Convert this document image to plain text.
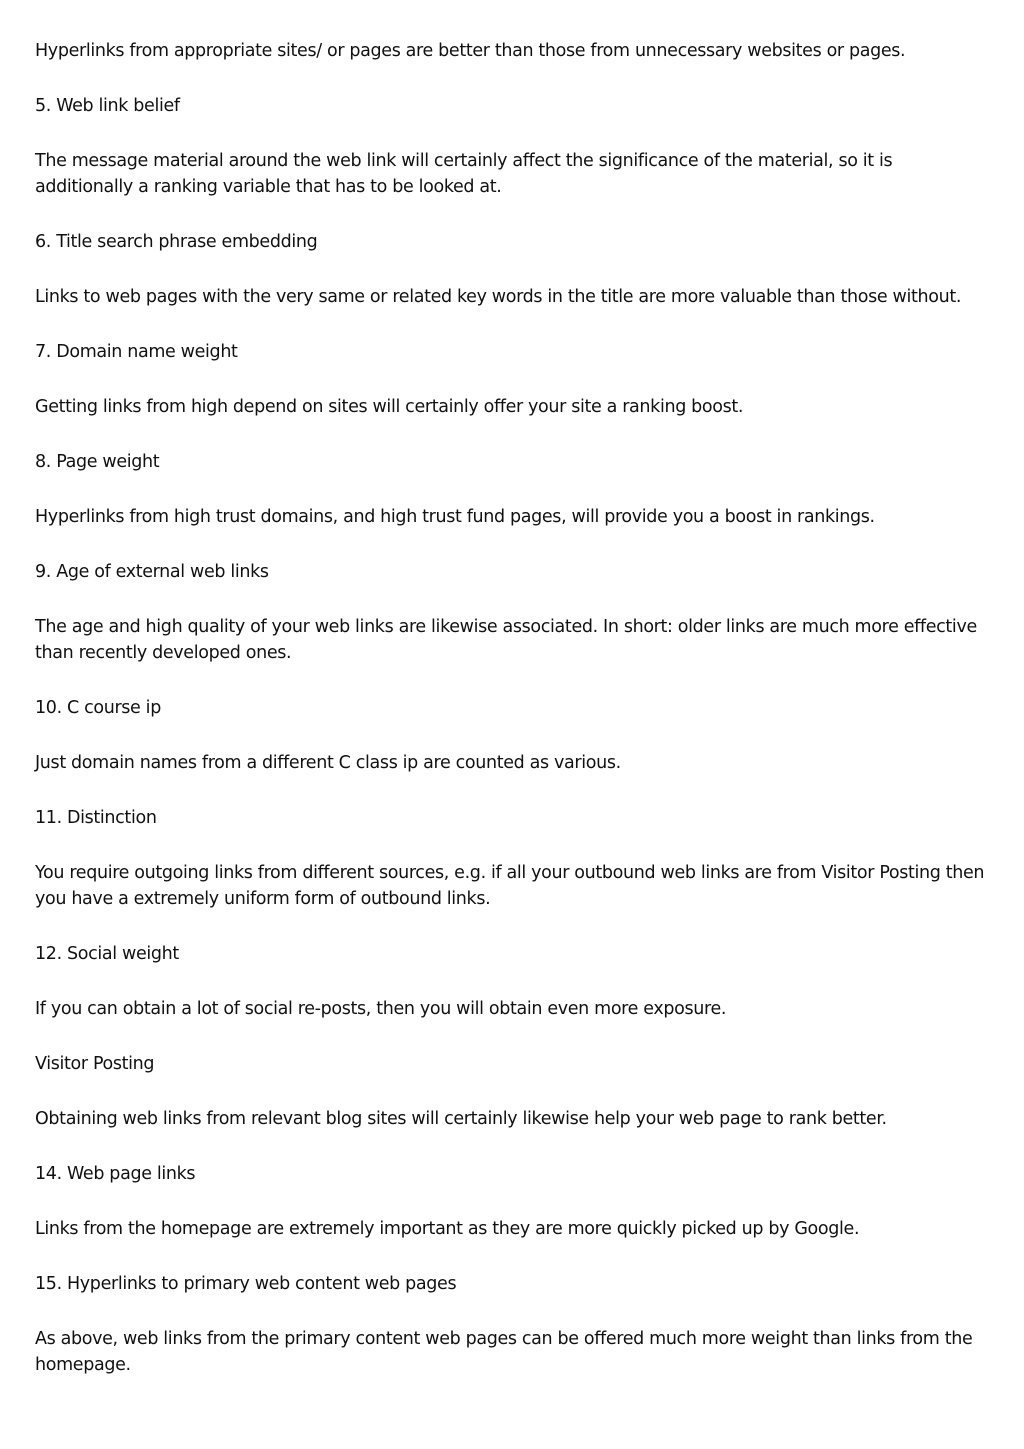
Hyperlinks from appropriate sites/ or pages are better than those from unnecessary websites or pages.

5. Web link belief

The message material around the web link will certainly affect the significance of the material, so it is additionally a ranking variable that has to be looked at.

6. Title search phrase embedding

Links to web pages with the very same or related key words in the title are more valuable than those without.

7. Domain name weight

Getting links from high depend on sites will certainly offer your site a ranking boost.

8. Page weight

Hyperlinks from high trust domains, and high trust fund pages, will provide you a boost in rankings.

9. Age of external web links

The age and high quality of your web links are likewise associated. In short: older links are much more effective than recently developed ones.

10. C course ip

Just domain names from a different C class ip are counted as various.

11. Distinction

You require outgoing links from different sources, e.g. if all your outbound web links are from Visitor Posting then you have a extremely uniform form of outbound links.

12. Social weight

If you can obtain a lot of social re-posts, then you will obtain even more exposure.

Visitor Posting

Obtaining web links from relevant blog sites will certainly likewise help your web page to rank better.

14. Web page links

Links from the homepage are extremely important as they are more quickly picked up by Google.

15. Hyperlinks to primary web content web pages

As above, web links from the primary content web pages can be offered much more weight than links from the homepage.
